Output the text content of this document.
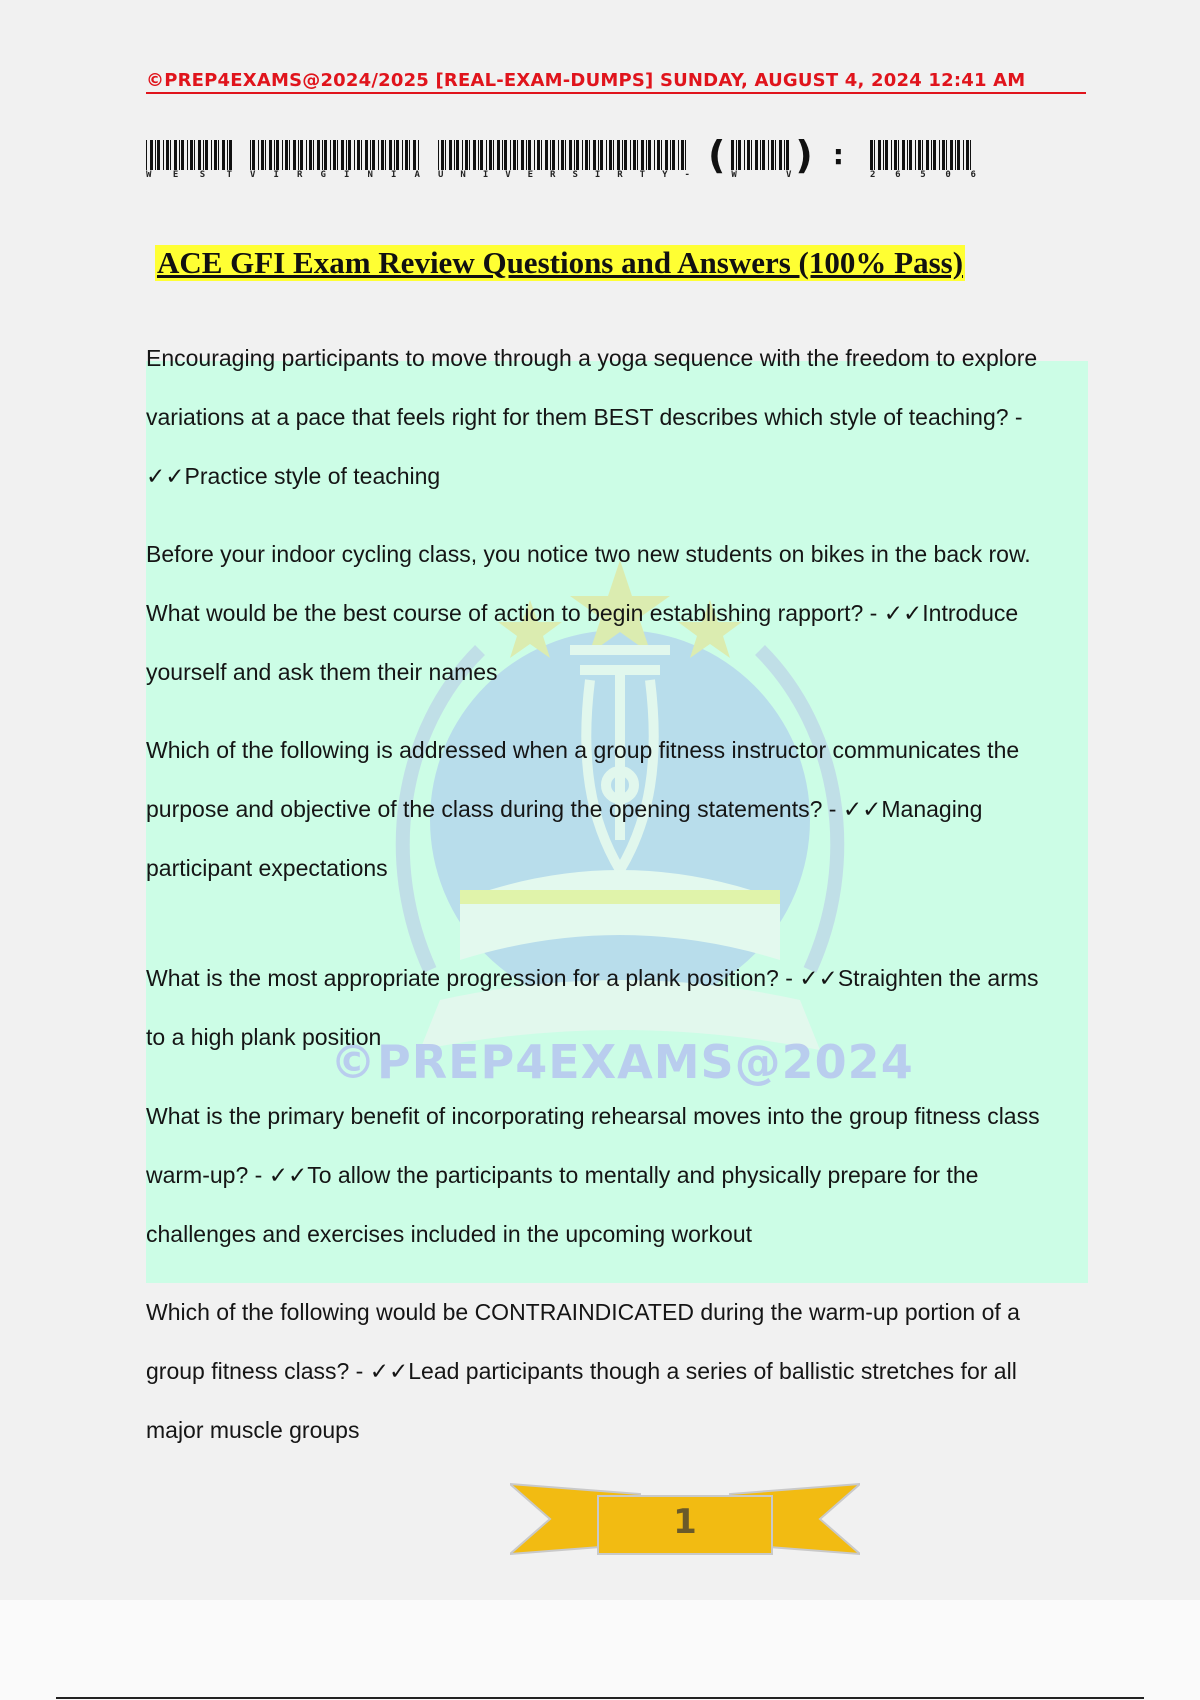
©PREP4EXAMS@2024/2025 [REAL-EXAM-DUMPS] SUNDAY, AUGUST 4, 2024 12:41 AM
W E S T V I R G I N I A U N I V E R S I R T Y - ( W	V ) :
2 6 5 0 6
ACE GFI Exam Review Questions and Answers (100% Pass)
©PREP4EXAMS@2024
Encouraging participants to move through a yoga sequence with the freedom to explore
variations at a pace that feels right for them BEST describes which style of teaching? -
✓✓Practice style of teaching
Before your indoor cycling class, you notice two new students on bikes in the back row.
What would be the best course of action to begin establishing rapport? - ✓✓Introduce
yourself and ask them their names
Which of the following is addressed when a group fitness instructor communicates the
purpose and objective of the class during the opening statements? - ✓✓Managing
participant expectations
What is the most appropriate progression for a plank position? - ✓✓Straighten the arms
to a high plank position
What is the primary benefit of incorporating rehearsal moves into the group fitness class
warm-up? - ✓✓To allow the participants to mentally and physically prepare for the
challenges and exercises included in the upcoming workout
Which of the following would be CONTRAINDICATED during the warm-up portion of a
group fitness class? - ✓✓Lead participants though a series of ballistic stretches for all
major muscle groups
1
